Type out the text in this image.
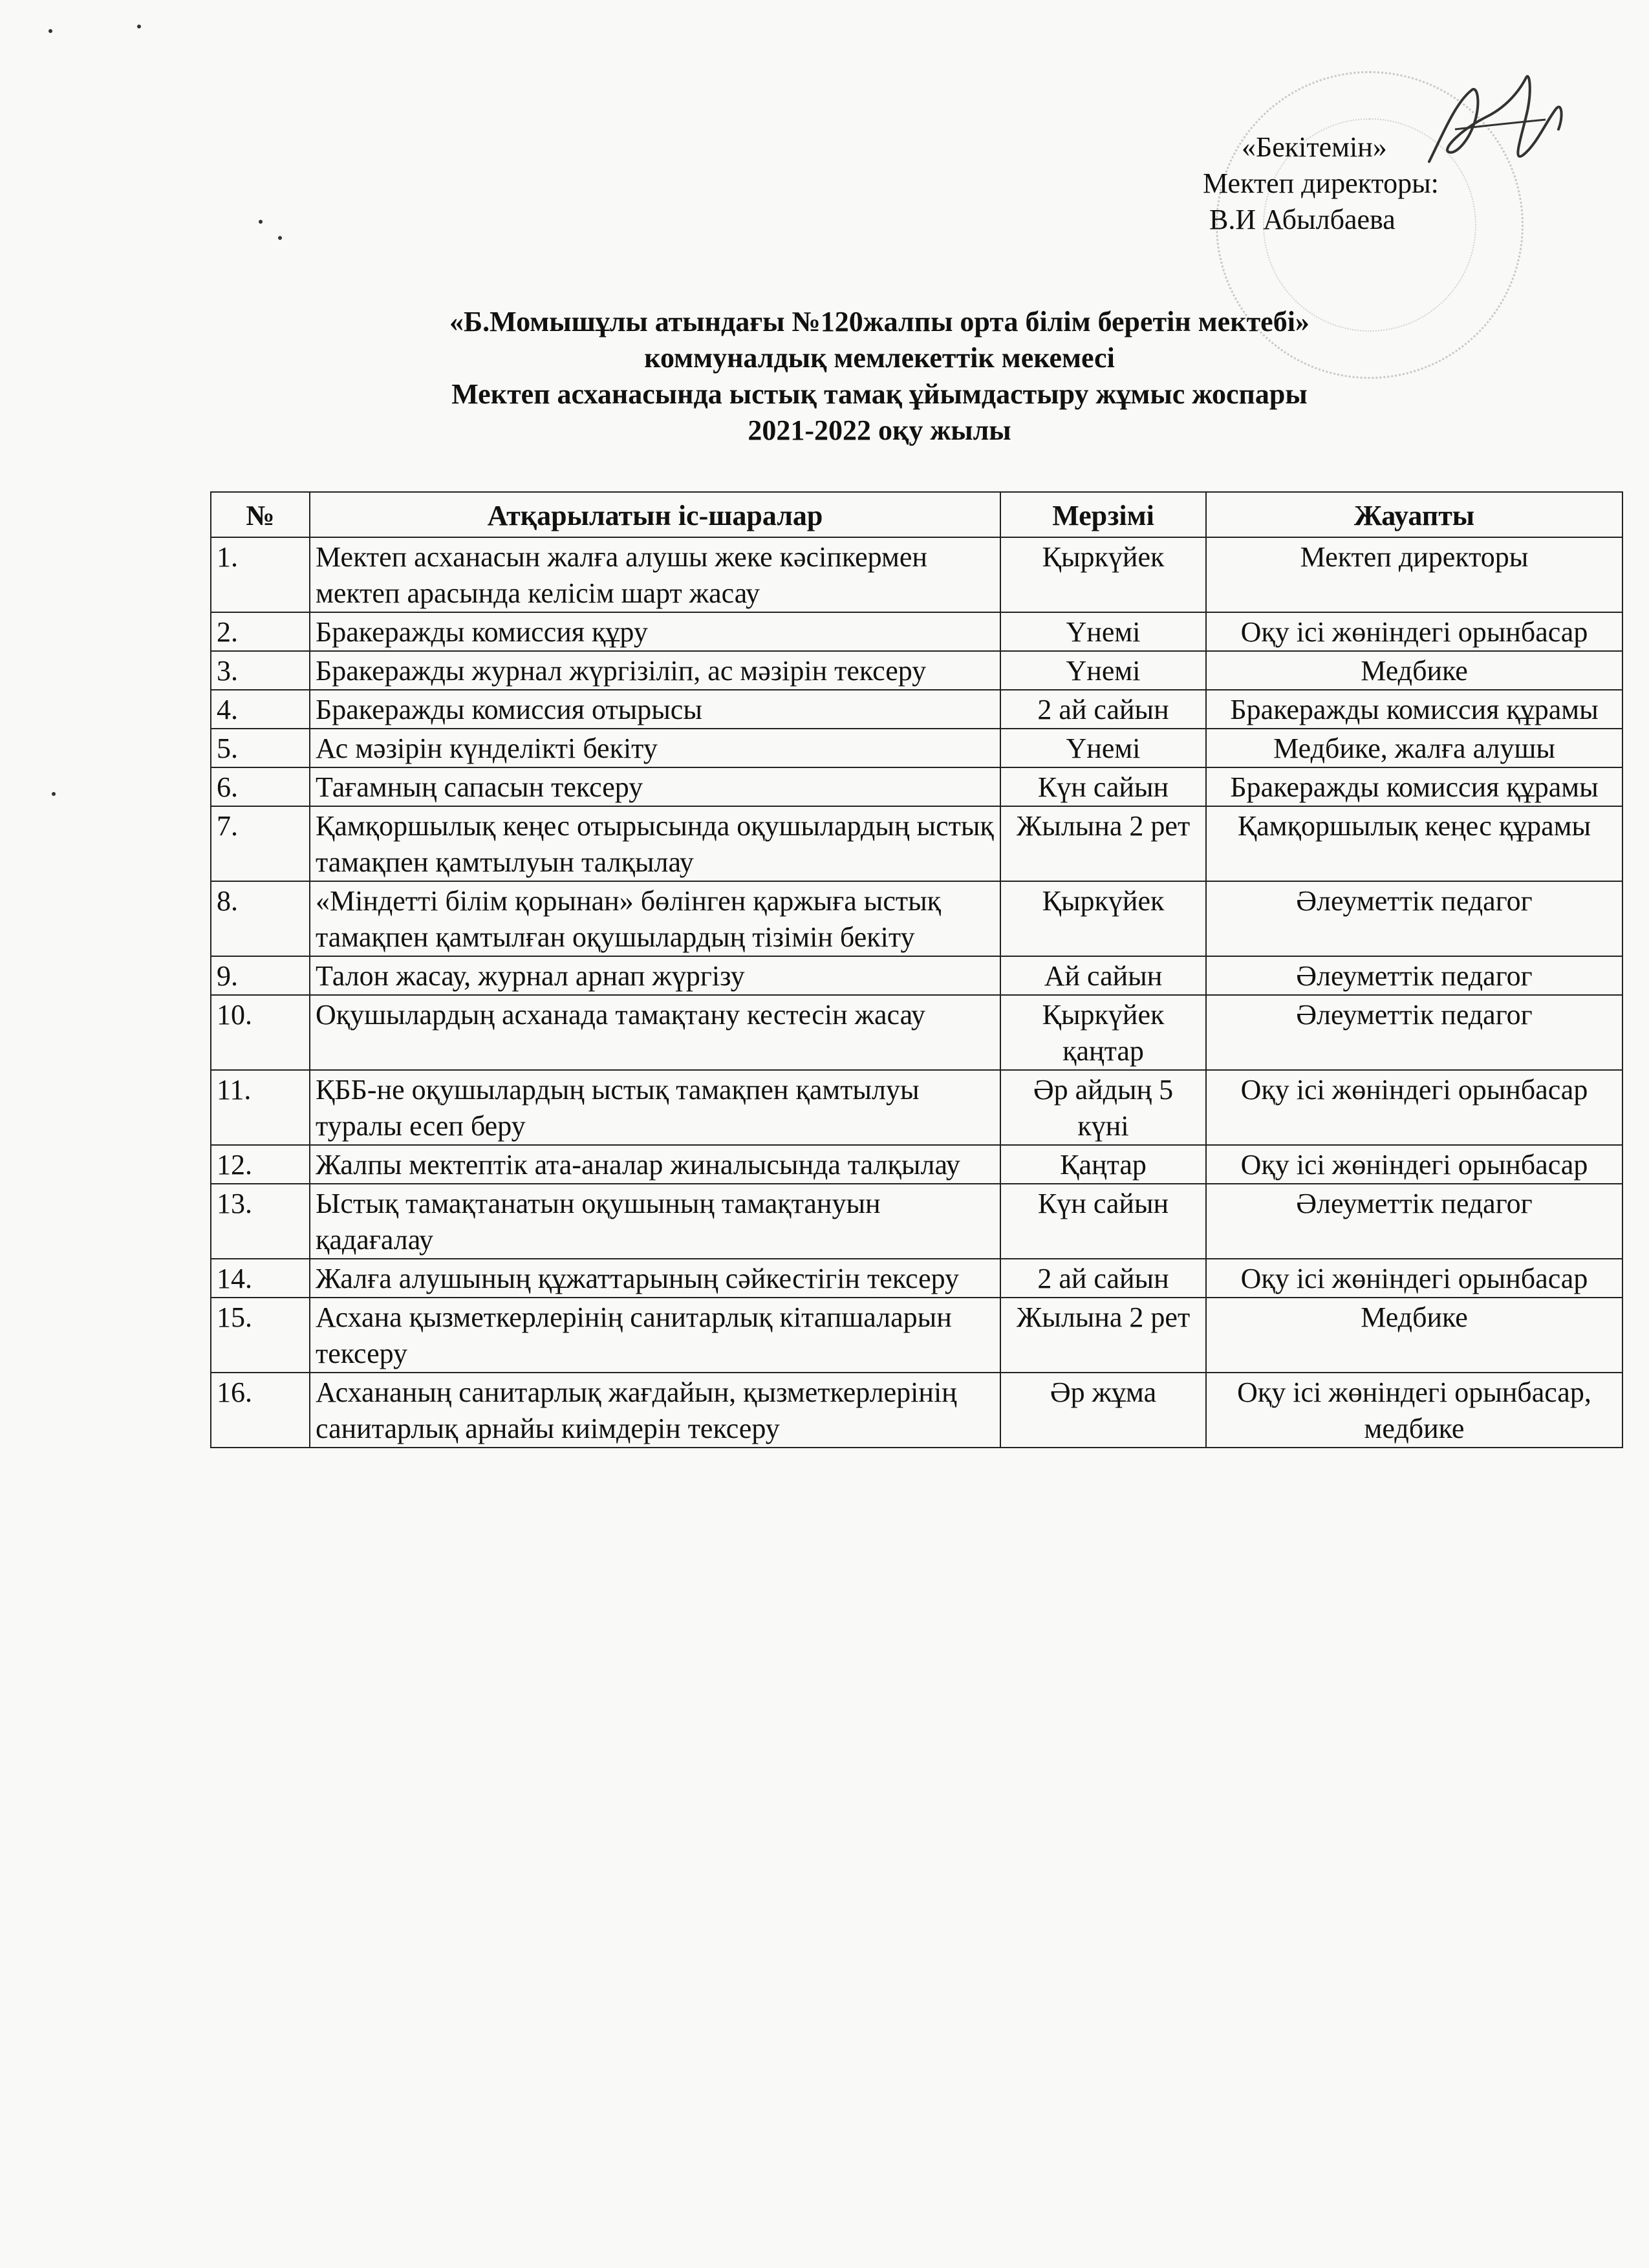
«Бекітемін»
Мектеп директоры:
В.И Абылбаева
«Б.Момышұлы атындағы №120жалпы орта білім беретін мектебі»
коммуналдық мемлекеттік мекемесі
Мектеп асханасында ыстық тамақ ұйымдастыру жұмыс жоспары
2021-2022 оқу жылы
№	Атқарылатын іс-шаралар	Мерзімі	Жауапты
1.	Мектеп асханасын жалға алушы жеке кәсіпкермен мектеп арасында келісім шарт жасау	Қыркүйек	Мектеп директоры
2.	Бракеражды комиссия құру	Үнемі	Оқу ісі жөніндегі орынбасар
3.	Бракеражды журнал жүргізіліп, ас мәзірін тексеру	Үнемі	Медбике
4.	Бракеражды комиссия отырысы	2 ай сайын	Бракеражды комиссия құрамы
5.	Ас мәзірін күнделікті бекіту	Үнемі	Медбике, жалға алушы
6.	Тағамның сапасын тексеру	Күн сайын	Бракеражды комиссия құрамы
7.	Қамқоршылық кеңес отырысында оқушылардың ыстық тамақпен қамтылуын талқылау	Жылына 2 рет	Қамқоршылық кеңес құрамы
8.	«Міндетті білім қорынан» бөлінген қаржыға ыстық тамақпен қамтылған оқушылардың тізімін бекіту	Қыркүйек	Әлеуметтік педагог
9.	Талон жасау, журнал арнап жүргізу	Ай сайын	Әлеуметтік педагог
10.	Оқушылардың асханада тамақтану кестесін жасау	Қыркүйек қаңтар	Әлеуметтік педагог
11.	ҚББ-не оқушылардың ыстық тамақпен қамтылуы туралы есеп беру	Әр айдың 5 күні	Оқу ісі жөніндегі орынбасар
12.	Жалпы мектептік ата-аналар жиналысында талқылау	Қаңтар	Оқу ісі жөніндегі орынбасар
13.	Ыстық тамақтанатын оқушының тамақтануын қадағалау	Күн сайын	Әлеуметтік педагог
14.	Жалға алушының құжаттарының сәйкестігін тексеру	2 ай сайын	Оқу ісі жөніндегі орынбасар
15.	Асхана қызметкерлерінің санитарлық кітапшаларын тексеру	Жылына 2 рет	Медбике
16.	Асхананың санитарлық жағдайын, қызметкерлерінің санитарлық арнайы киімдерін тексеру	Әр жұма	Оқу ісі жөніндегі орынбасар, медбике
